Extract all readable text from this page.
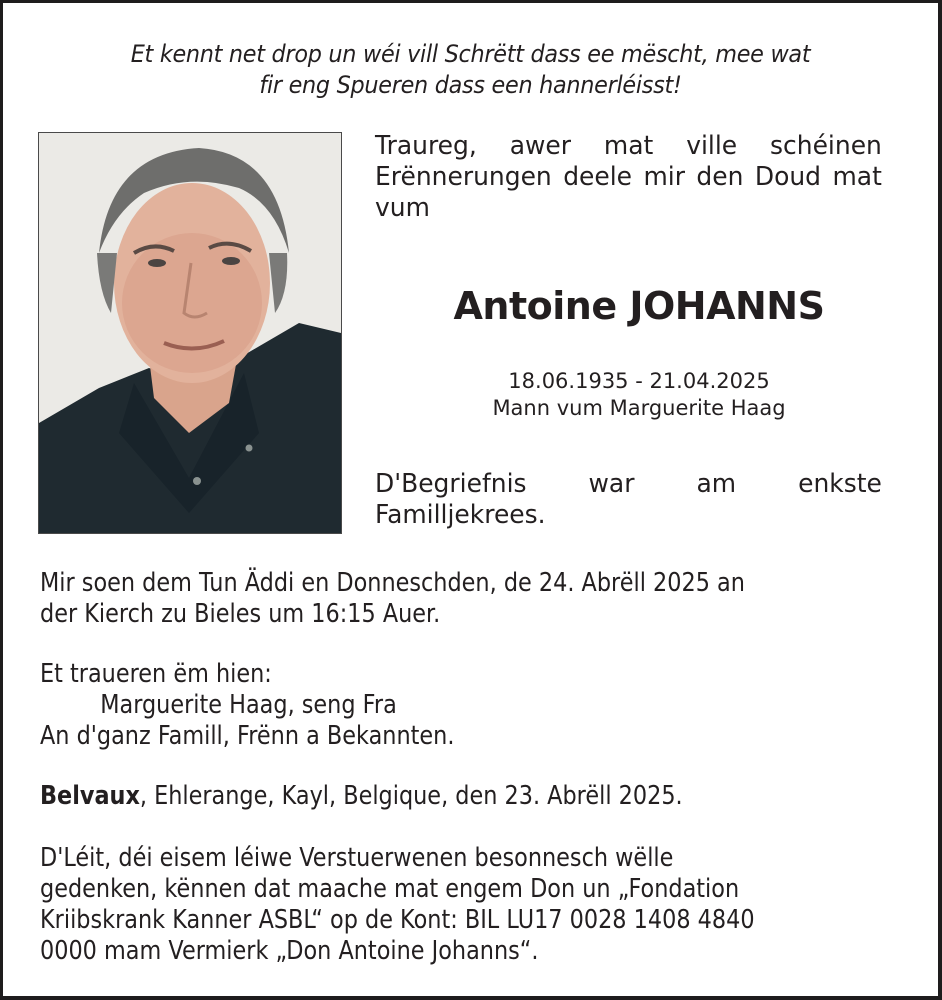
Et kennt net drop un wéi vill Schrëtt dass ee mëscht, mee wat
fir eng Spueren dass een hannerléisst!
Traureg, awer mat ville schéinen Erënnerungen deele mir den Doud mat vum
Antoine JOHANNS
18.06.1935 - 21.04.2025
Mann vum Marguerite Haag
D'Begriefnis war am enkste Familljekrees.
Mir soen dem Tun Äddi en Donneschden, de 24. Abrëll 2025 an
der Kierch zu Bieles um 16:15 Auer.
Et traueren ëm hien:
Marguerite Haag, seng Fra
An d'ganz Famill, Frënn a Bekannten.
Belvaux, Ehlerange, Kayl, Belgique, den 23. Abrëll 2025.
D'Léit, déi eisem léiwe Verstuerwenen besonnesch wëlle
gedenken, kënnen dat maache mat engem Don un „Fondation
Kriibskrank Kanner ASBL“ op de Kont: BIL LU17 0028 1408 4840
0000 mam Vermierk „Don Antoine Johanns“.
